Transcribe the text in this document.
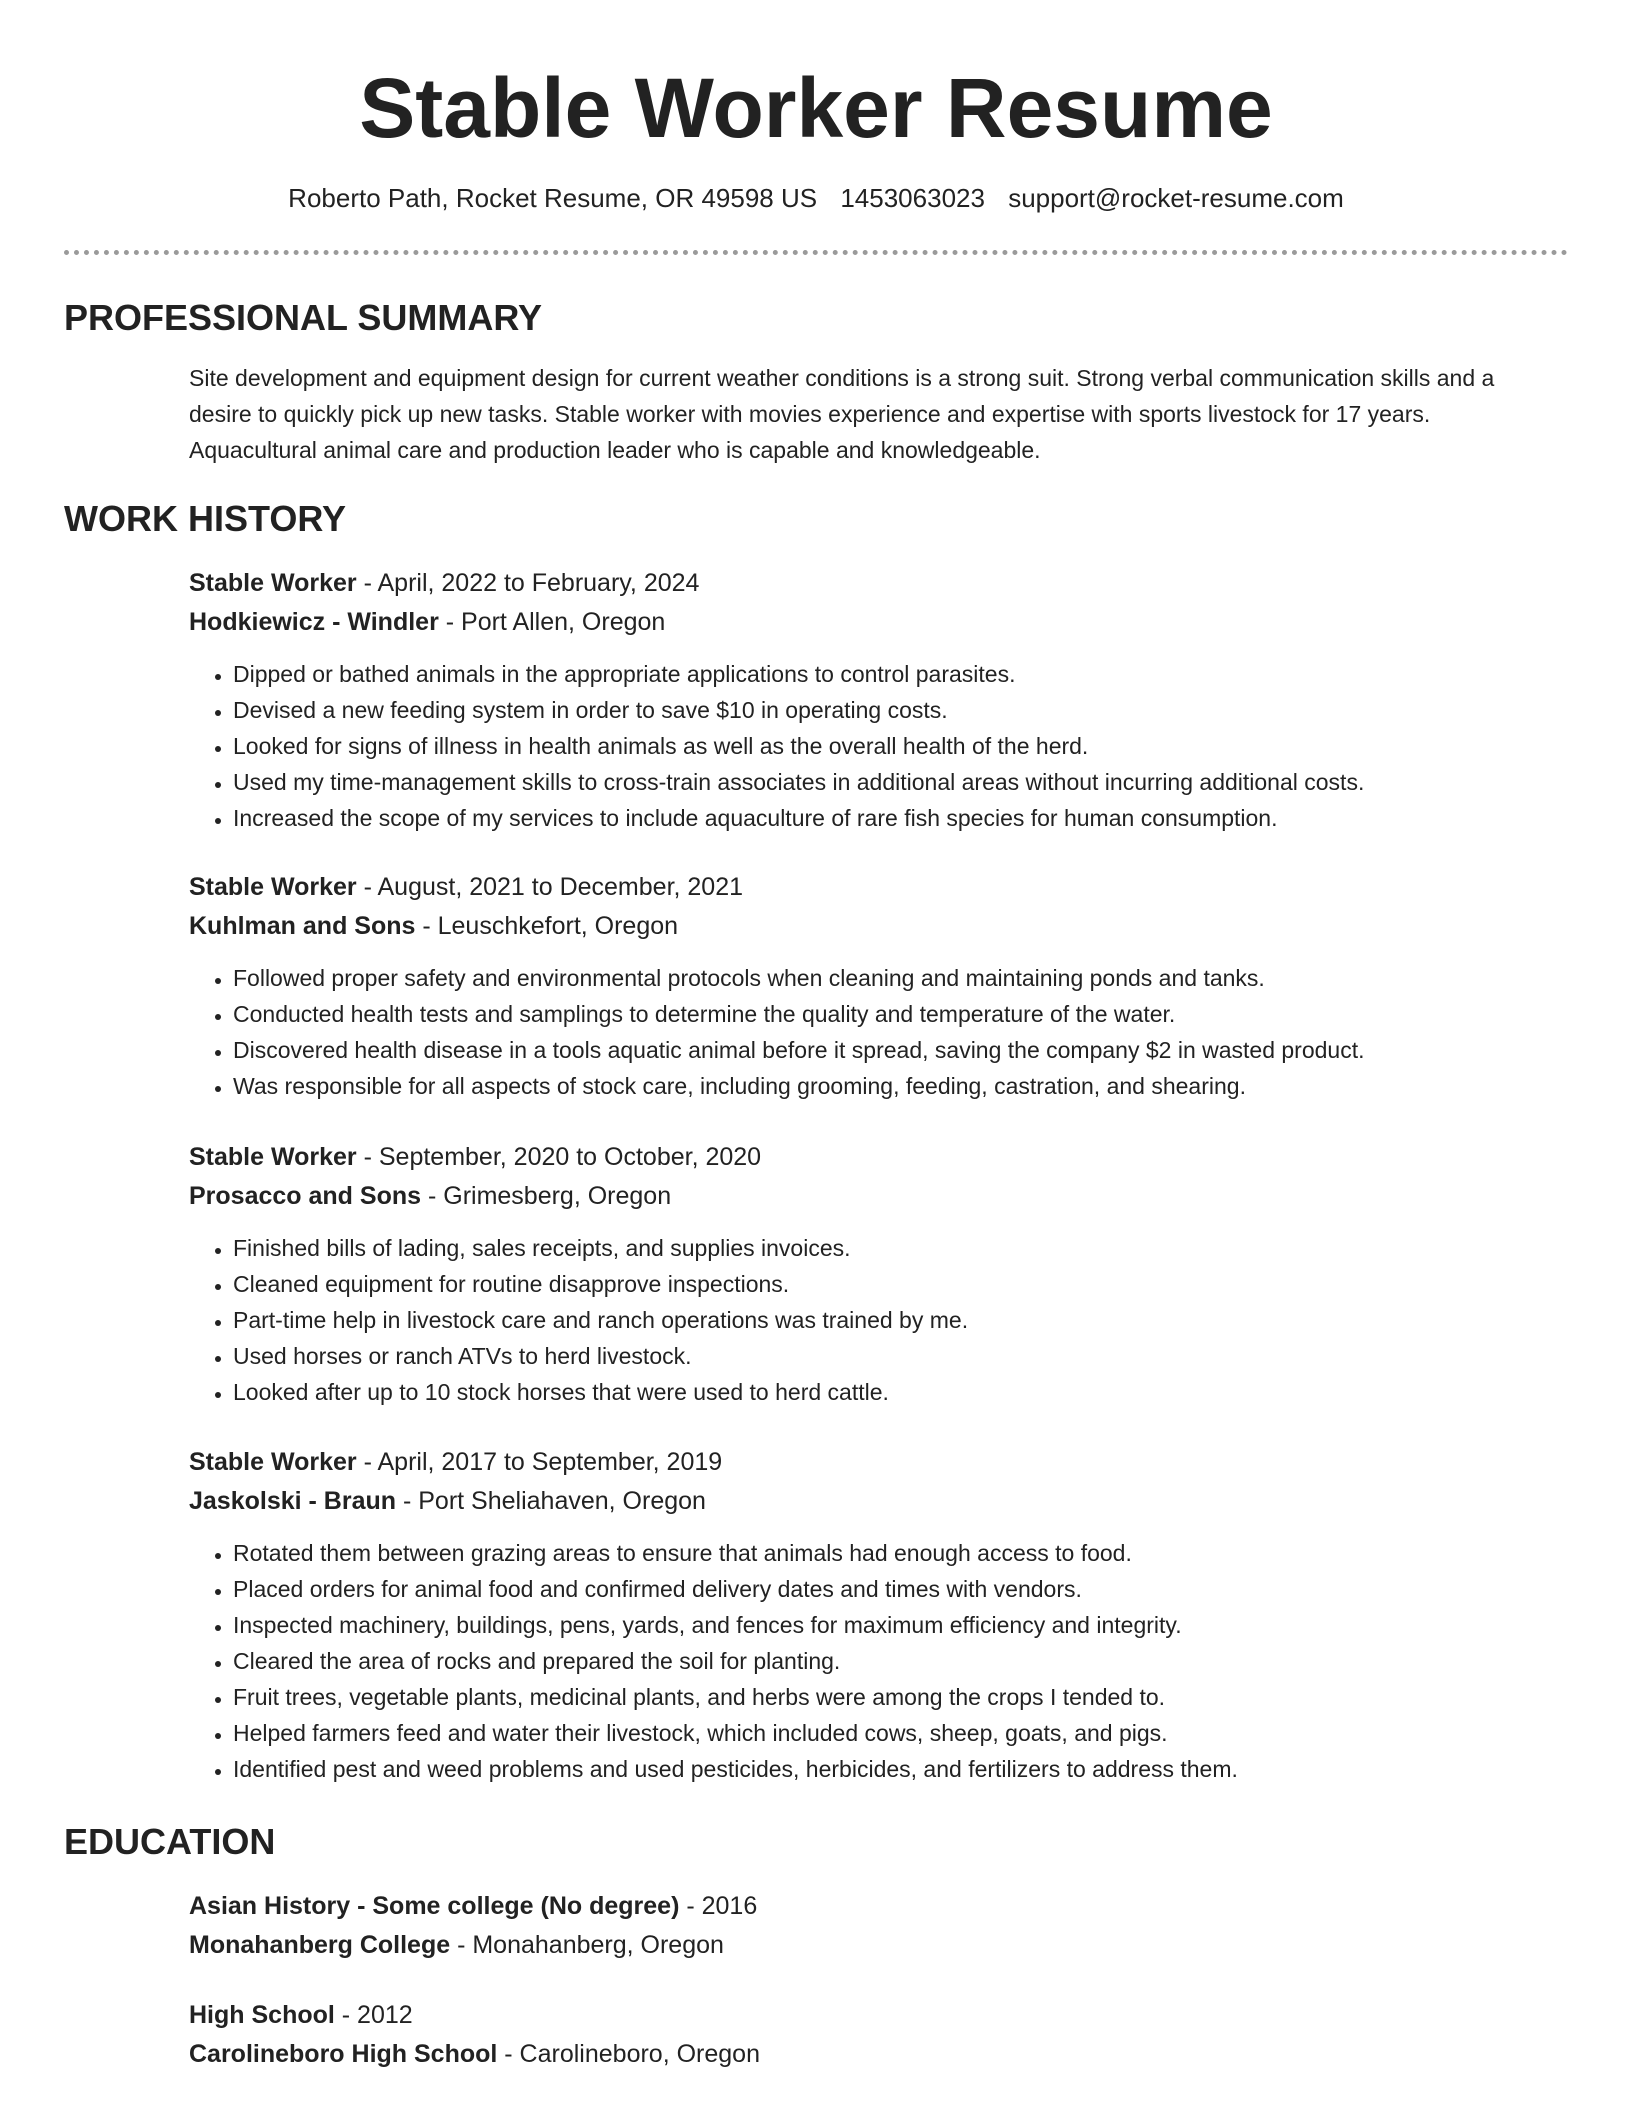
Stable Worker Resume
Roberto Path, Rocket Resume, OR 49598 US 1453063023 support@rocket-resume.com
PROFESSIONAL SUMMARY

Site development and equipment design for current weather conditions is a strong suit. Strong verbal communication skills and a desire to quickly pick up new tasks. Stable worker with movies experience and expertise with sports livestock for 17 years. Aquacultural animal care and production leader who is capable and knowledgeable.

WORK HISTORY

Stable Worker - April, 2022 to February, 2024

Hodkiewicz - Windler - Port Allen, Oregon

• Dipped or bathed animals in the appropriate applications to control parasites.
• Devised a new feeding system in order to save $10 in operating costs.
• Looked for signs of illness in health animals as well as the overall health of the herd.
• Used my time-management skills to cross-train associates in additional areas without incurring additional costs.
• Increased the scope of my services to include aquaculture of rare fish species for human consumption.

Stable Worker - August, 2021 to December, 2021

Kuhlman and Sons - Leuschkefort, Oregon

• Followed proper safety and environmental protocols when cleaning and maintaining ponds and tanks.
• Conducted health tests and samplings to determine the quality and temperature of the water.
• Discovered health disease in a tools aquatic animal before it spread, saving the company $2 in wasted product.
• Was responsible for all aspects of stock care, including grooming, feeding, castration, and shearing.

Stable Worker - September, 2020 to October, 2020

Prosacco and Sons - Grimesberg, Oregon

• Finished bills of lading, sales receipts, and supplies invoices.
• Cleaned equipment for routine disapprove inspections.
• Part-time help in livestock care and ranch operations was trained by me.
• Used horses or ranch ATVs to herd livestock.
• Looked after up to 10 stock horses that were used to herd cattle.

Stable Worker - April, 2017 to September, 2019

Jaskolski - Braun - Port Sheliahaven, Oregon

• Rotated them between grazing areas to ensure that animals had enough access to food.
• Placed orders for animal food and confirmed delivery dates and times with vendors.
• Inspected machinery, buildings, pens, yards, and fences for maximum efficiency and integrity.
• Cleared the area of rocks and prepared the soil for planting.
• Fruit trees, vegetable plants, medicinal plants, and herbs were among the crops I tended to.
• Helped farmers feed and water their livestock, which included cows, sheep, goats, and pigs.
• Identified pest and weed problems and used pesticides, herbicides, and fertilizers to address them.
EDUCATION

Asian History - Some college (No degree) - 2016

Monahanberg College - Monahanberg, Oregon

High School - 2012

Carolineboro High School - Carolineboro, Oregon
